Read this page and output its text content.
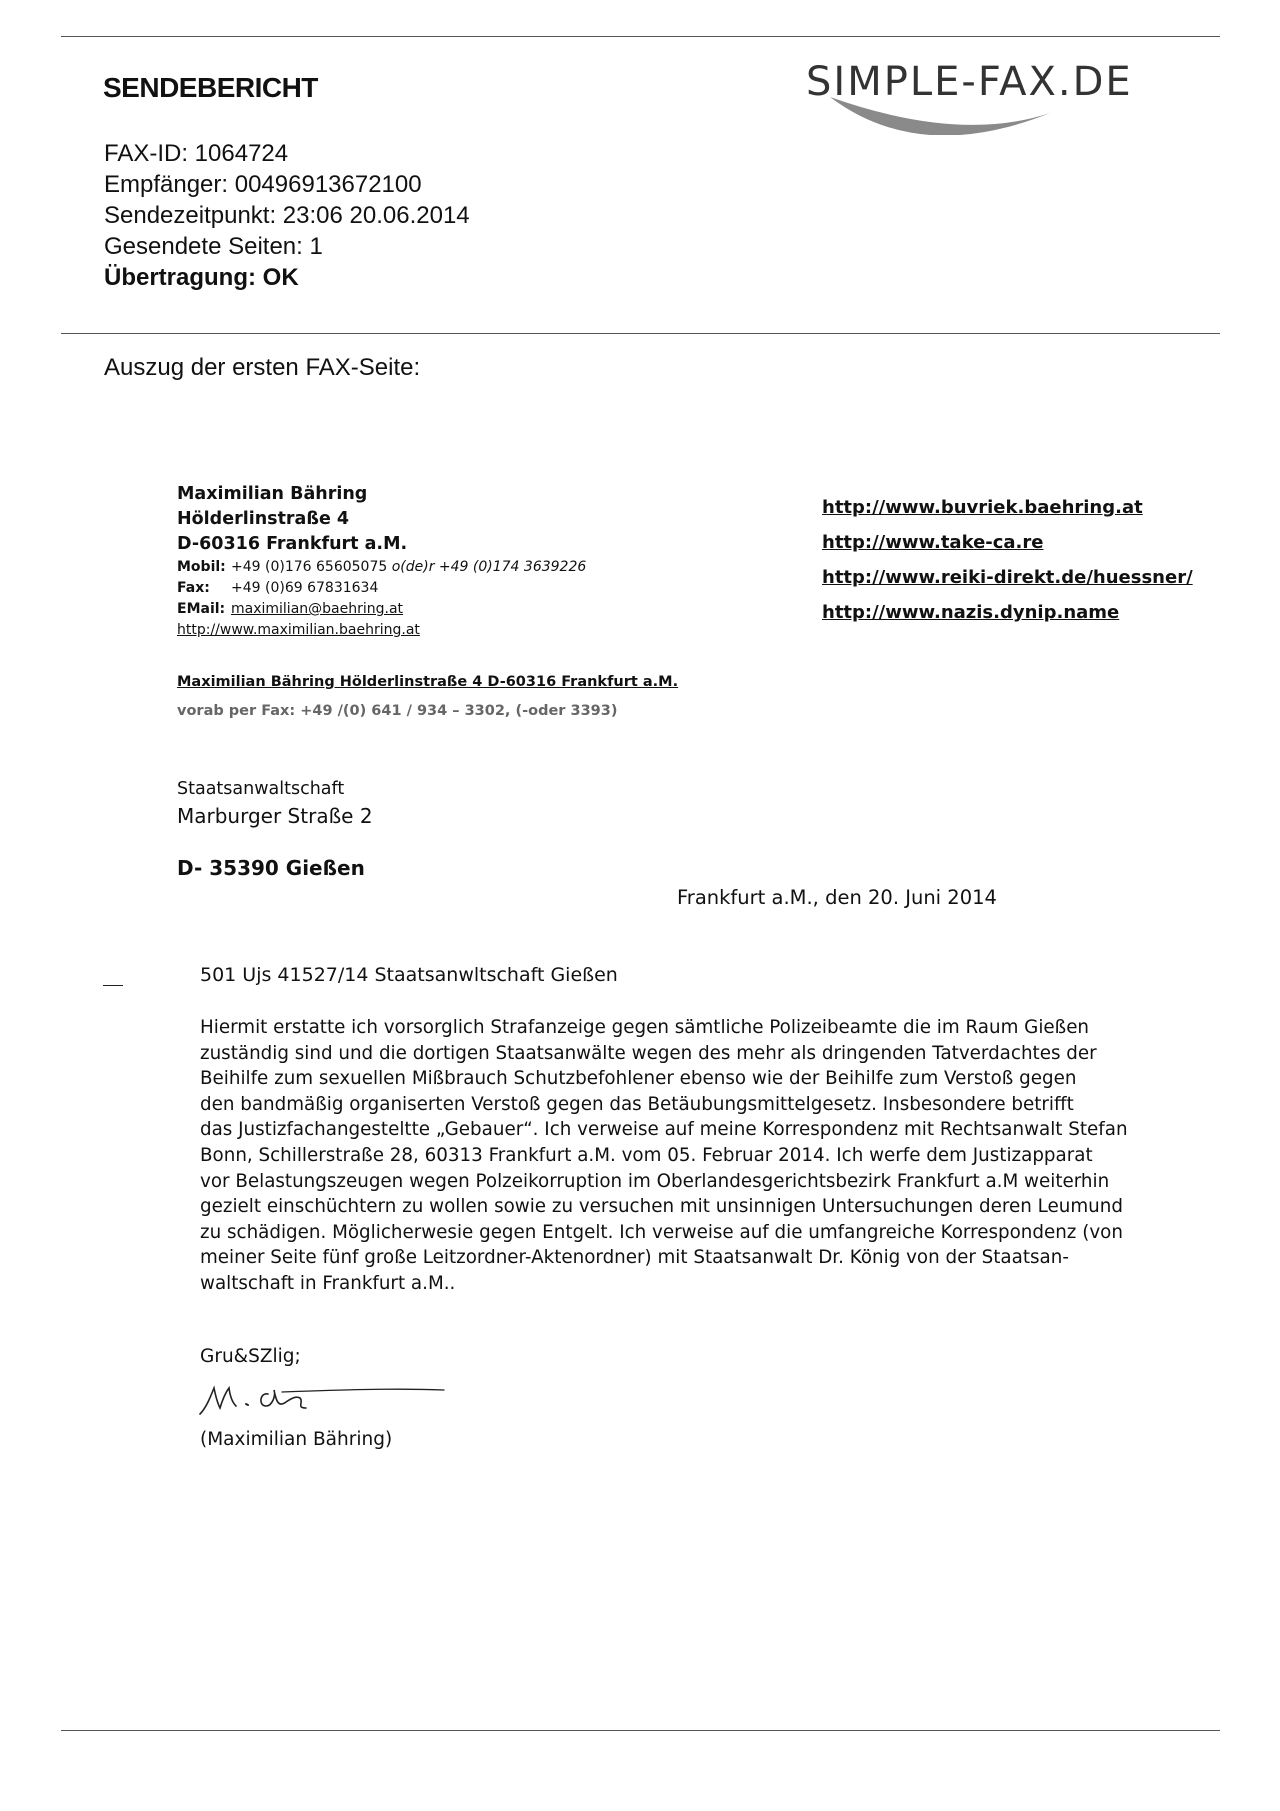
SENDEBERICHT	SIMPLE-FAX.DE
FAX-ID: 1064724
Empfänger: 00496913672100
Sendezeitpunkt: 23:06 20.06.2014
Gesendete Seiten: 1
Übertragung: OK
Auszug der ersten FAX-Seite:
Maximilian Bähring
Hölderlinstraße 4
D-60316 Frankfurt a.M.
Mobil: +49 (0)176 65605075 o(de)r +49 (0)174 3639226
Fax: +49 (0)69 67831634
EMail: maximilian@baehring.at
http://www.maximilian.baehring.at
http://www.buvriek.baehring.at
http://www.take-ca.re
http://www.reiki-direkt.de/huessner/
http://www.nazis.dynip.name
Maximilian Bähring Hölderlinstraße 4 D-60316 Frankfurt a.M.
vorab per Fax: +49 /(0) 641 / 934 – 3302, (-oder 3393)
Staatsanwaltschaft
Marburger Straße 2
D- 35390 Gießen
Frankfurt a.M., den 20. Juni 2014
501 Ujs 41527/14 Staatsanwltschaft Gießen
Hiermit erstatte ich vorsorglich Strafanzeige gegen sämtliche Polizeibeamte die im Raum Gießen
zuständig sind und die dortigen Staatsanwälte wegen des mehr als dringenden Tatverdachtes der
Beihilfe zum sexuellen Mißbrauch Schutzbefohlener ebenso wie der Beihilfe zum Verstoß gegen
den bandmäßig organiserten Verstoß gegen das Betäubungsmittelgesetz. Insbesondere betrifft
das Justizfachangesteltte „Gebauer“. Ich verweise auf meine Korrespondenz mit Rechtsanwalt Stefan
Bonn, Schillerstraße 28, 60313 Frankfurt a.M. vom 05. Februar 2014. Ich werfe dem Justizapparat
vor Belastungszeugen wegen Polzeikorruption im Oberlandesgerichtsbezirk Frankfurt a.M weiterhin
gezielt einschüchtern zu wollen sowie zu versuchen mit unsinnigen Untersuchungen deren Leumund
zu schädigen. Möglicherwesie gegen Entgelt. Ich verweise auf die umfangreiche Korrespondenz (von
meiner Seite fünf große Leitzordner-Aktenordner) mit Staatsanwalt Dr. König von der Staatsan-
waltschaft in Frankfurt a.M..
Gru&SZlig;
(Maximilian Bähring)
